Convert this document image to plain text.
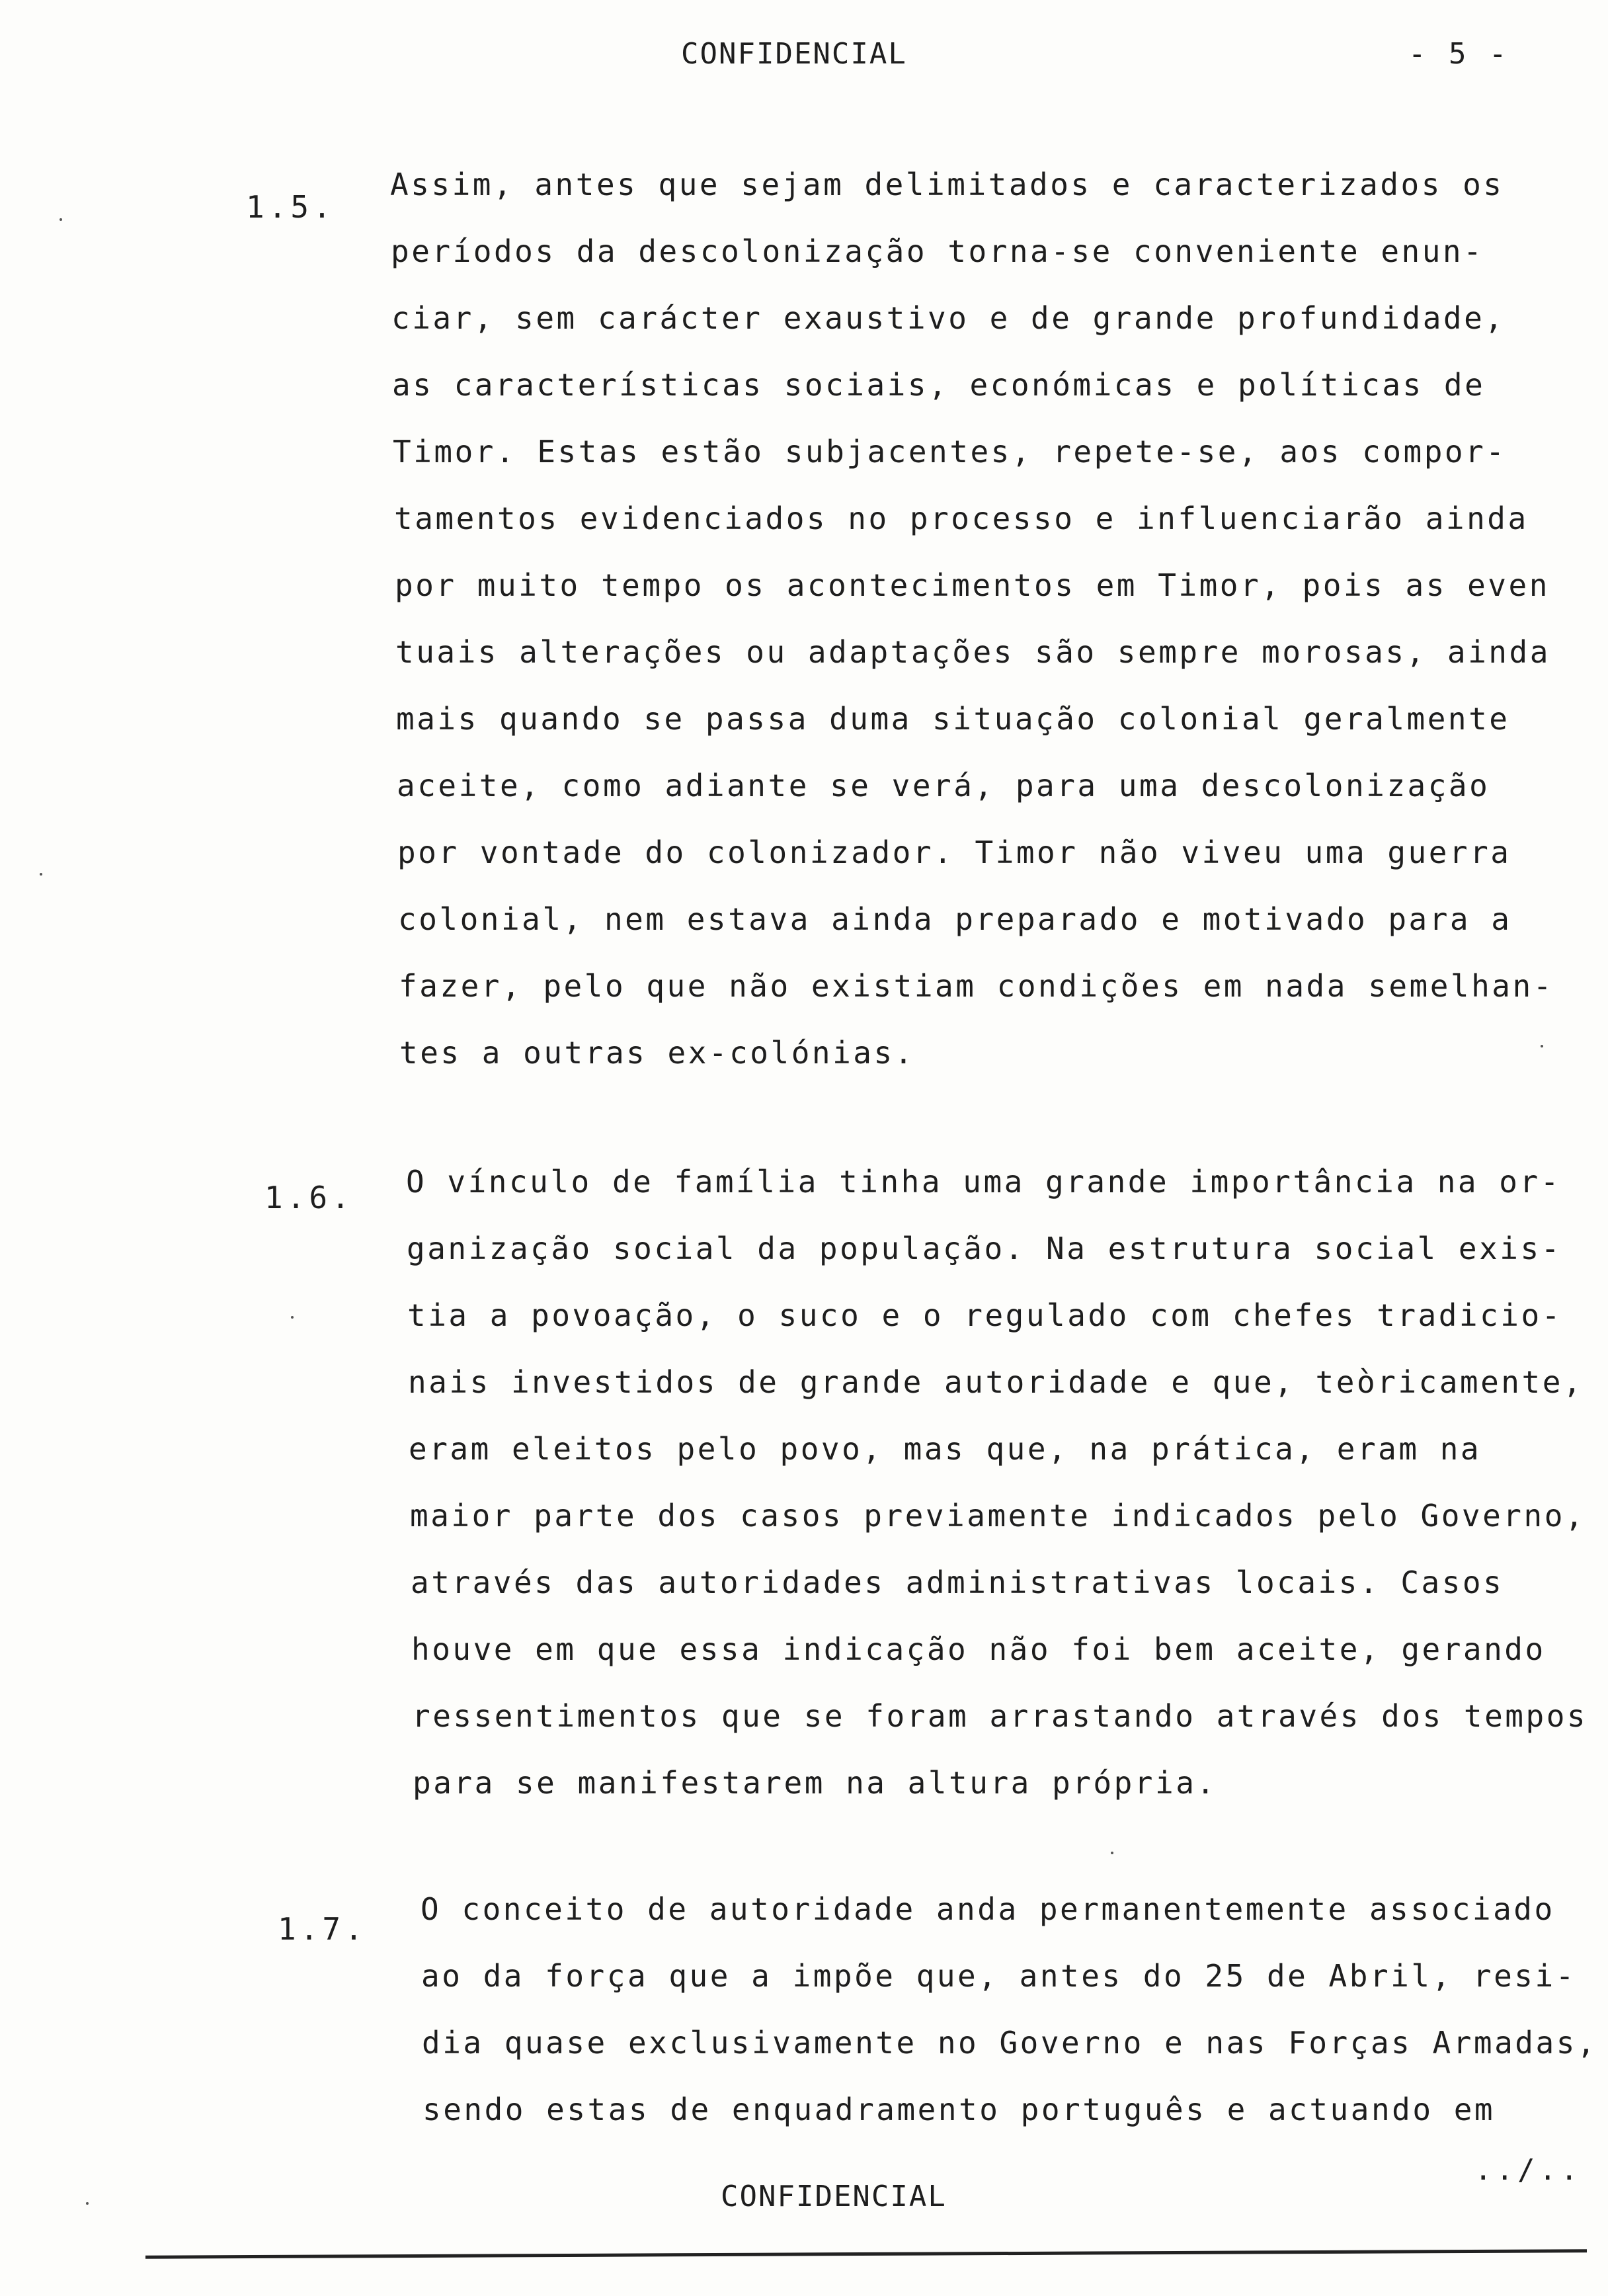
CONFIDENCIAL	- 5 -
1.5.
Assim, antes que sejam delimitados e caracterizados os
períodos da descolonização torna-se conveniente enun-
ciar, sem carácter exaustivo e de grande profundidade,
as características sociais, económicas e políticas de
Timor. Estas estão subjacentes, repete-se, aos compor-
tamentos evidenciados no processo e influenciarão ainda
por muito tempo os acontecimentos em Timor, pois as even
tuais alterações ou adaptações são sempre morosas, ainda
mais quando se passa duma situação colonial geralmente
aceite, como adiante se verá, para uma descolonização
por vontade do colonizador. Timor não viveu uma guerra
colonial, nem estava ainda preparado e motivado para a
fazer, pelo que não existiam condições em nada semelhan-
tes a outras ex-colónias.
1.6. O vínculo de família tinha uma grande importância na or-
ganização social da população. Na estrutura social exis-
tia a povoação, o suco e o regulado com chefes tradicio-
nais investidos de grande autoridade e que, teòricamente,
eram eleitos pelo povo, mas que, na prática, eram na
maior parte dos casos previamente indicados pelo Governo,
através das autoridades administrativas locais. Casos
houve em que essa indicação não foi bem aceite, gerando
ressentimentos que se foram arrastando através dos tempos
para se manifestarem na altura própria.
1.7.
O conceito de autoridade anda permanentemente associado
ao da força que a impõe que, antes do 25 de Abril, resi-
dia quase exclusivamente no Governo e nas Forças Armadas,
sendo estas de enquadramento português e actuando em
../..
CONFIDENCIAL
